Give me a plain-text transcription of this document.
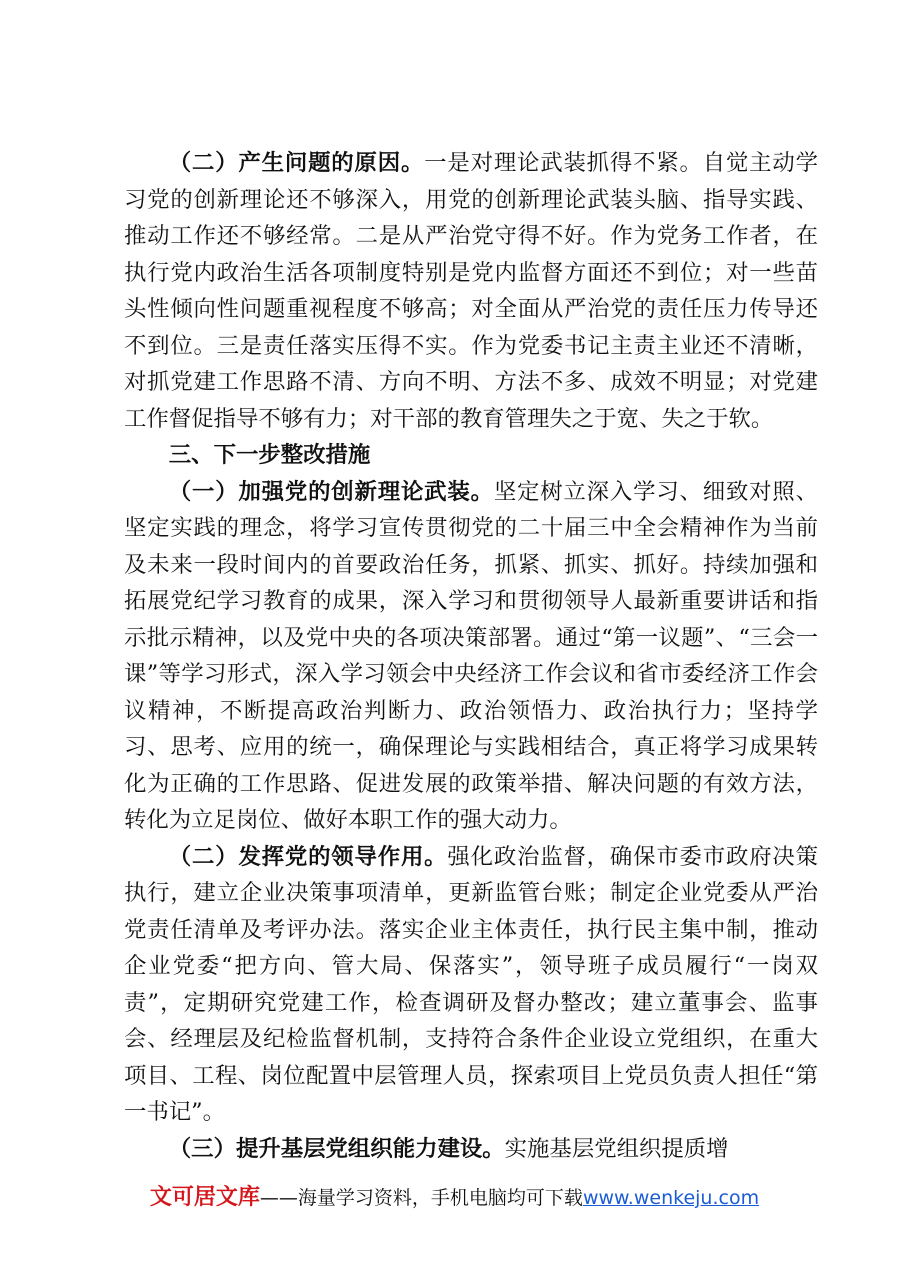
（二）产生问题的原因。一是对理论武装抓得不紧。自觉主动学习党的创新理论还不够深入，用党的创新理论武装头脑、指导实践、推动工作还不够经常。二是从严治党守得不好。作为党务工作者，在执行党内政治生活各项制度特别是党内监督方面还不到位；对一些苗头性倾向性问题重视程度不够高；对全面从严治党的责任压力传导还不到位。三是责任落实压得不实。作为党委书记主责主业还不清晰，对抓党建工作思路不清、方向不明、方法不多、成效不明显；对党建工作督促指导不够有力；对干部的教育管理失之于宽、失之于软。

三、下一步整改措施

（一）加强党的创新理论武装。坚定树立深入学习、细致对照、坚定实践的理念，将学习宣传贯彻党的二十届三中全会精神作为当前及未来一段时间内的首要政治任务，抓紧、抓实、抓好。持续加强和拓展党纪学习教育的成果，深入学习和贯彻领导人最新重要讲话和指示批示精神，以及党中央的各项决策部署。通过“第一议题”、“三会一课”等学习形式，深入学习领会中央经济工作会议和省市委经济工作会议精神，不断提高政治判断力、政治领悟力、政治执行力；坚持学习、思考、应用的统一，确保理论与实践相结合，真正将学习成果转化为正确的工作思路、促进发展的政策举措、解决问题的有效方法，转化为立足岗位、做好本职工作的强大动力。

（二）发挥党的领导作用。强化政治监督，确保市委市政府决策执行，建立企业决策事项清单，更新监管台账；制定企业党委从严治党责任清单及考评办法。落实企业主体责任，执行民主集中制，推动企业党委“把方向、管大局、保落实”，领导班子成员履行“一岗双责”，定期研究党建工作，检查调研及督办整改；建立董事会、监事会、经理层及纪检监督机制，支持符合条件企业设立党组织，在重大项目、工程、岗位配置中层管理人员，探索项目上党员负责人担任“第一书记”。

（三）提升基层党组织能力建设。实施基层党组织提质增

文可居文库——海量学习资料，手机电脑均可下载www.wenkeju.com
